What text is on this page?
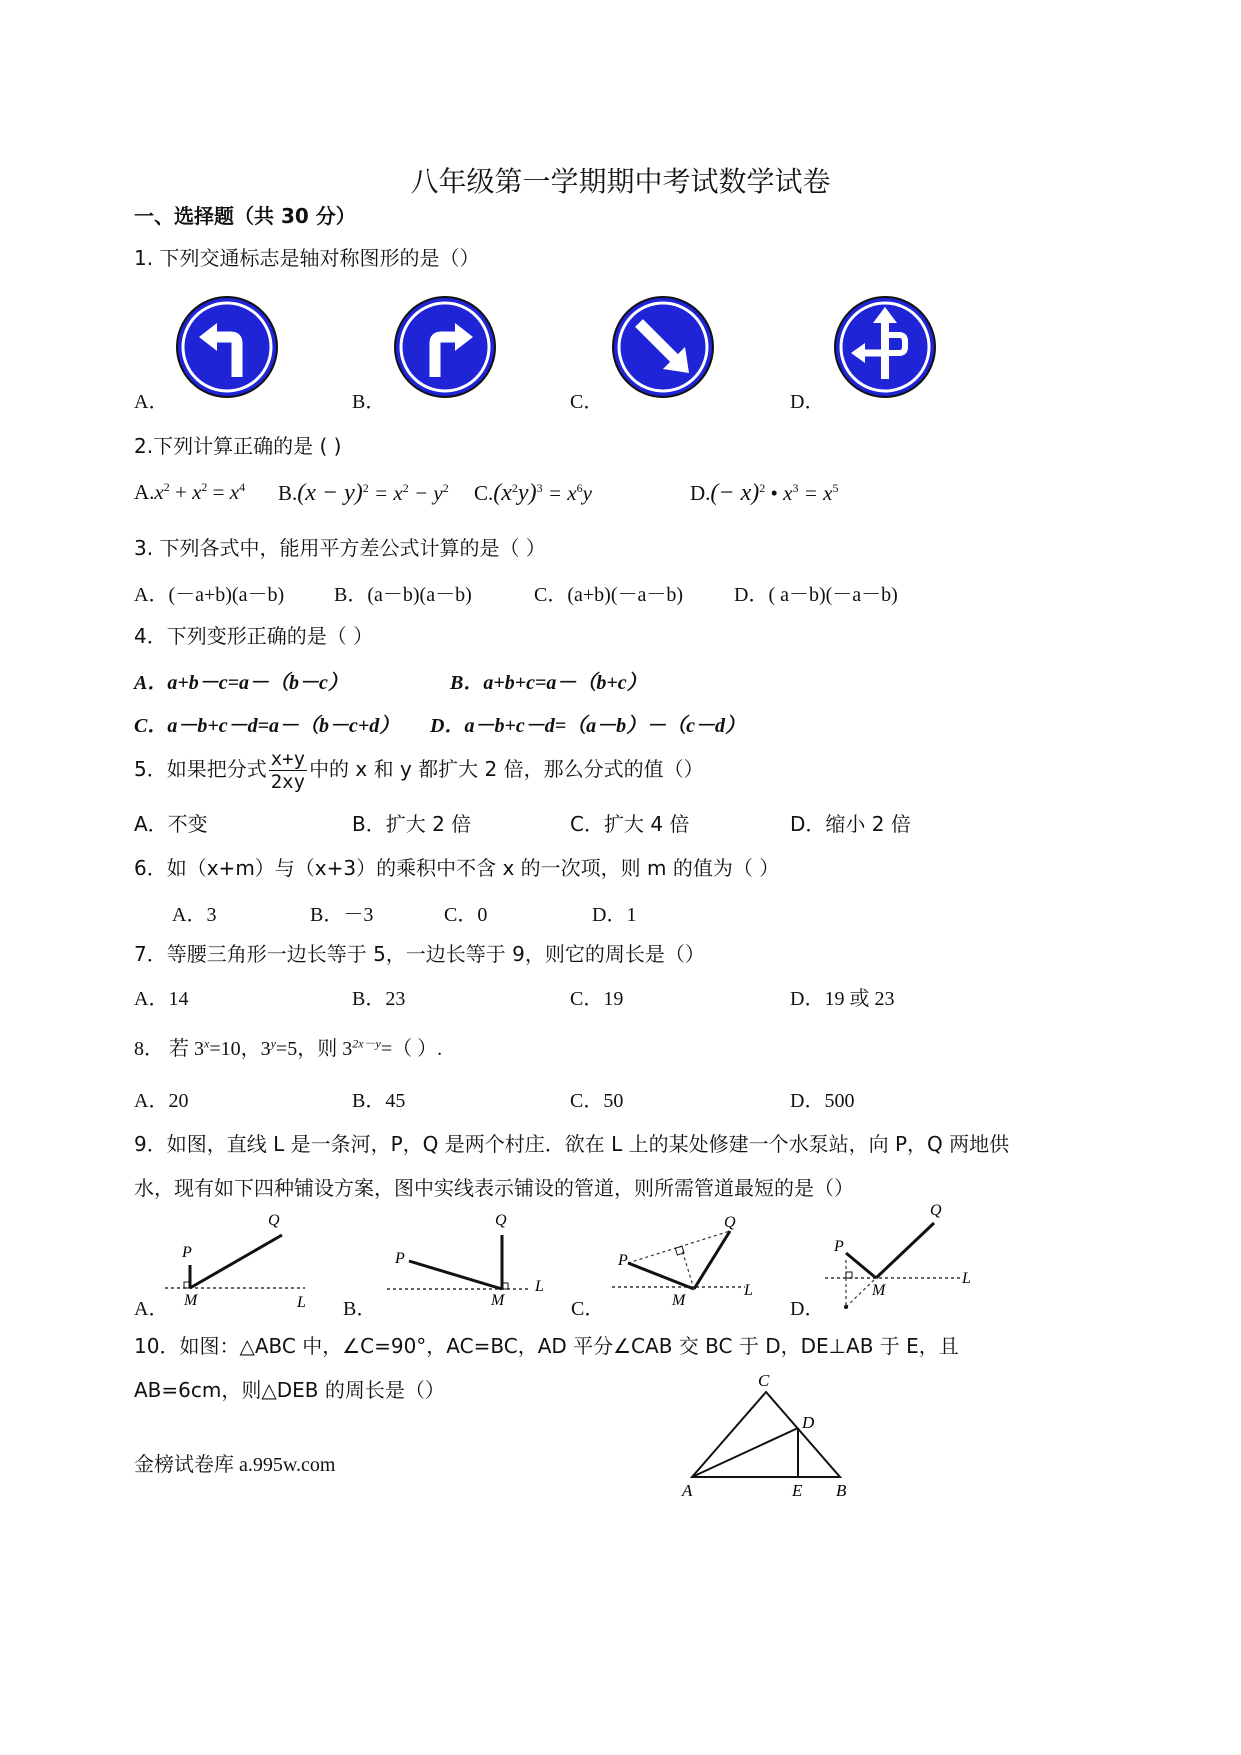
八年级第一学期期中考试数学试卷
一、选择题（共 30 分）
1. 下列交通标志是轴对称图形的是（）
A．	B．	C．	D．
2.下列计算正确的是 ( )
$A.x^2 + x^2 = x^4$ $B.(x - y)^2 = x^2 - y^2$ $C.(x^2y)^3 = x^6y$	$D.(- x)^2$ • $x^3 = x^5$
3. 下列各式中，能用平方差公式计算的是（ ）
A．(－a+b)(a－b) B．(a－b)(a－b)	C．(a+b)(－a－b)	D．( a－b)(－a－b)
4．下列变形正确的是（ ）
A．a+b－c=a－（b－c）	B．a+b+c=a－（b+c）
C．a－b+c－d=a－（b－c+d） D．a－b+c－d=（a－b）－（c－d）
5．如果把分式 $\frac{x+y}{2xy}$ 中的 x 和 y 都扩大 2 倍，那么分式的值（）
A．不变	B．扩大 2 倍	C．扩大 4 倍	D．缩小 2 倍
6．如（x+m）与（x+3）的乘积中不含 x 的一次项，则 m 的值为（ ）
A．3	B．－3	C．0	D．1
7．等腰三角形一边长等于 5，一边长等于 9，则它的周长是（）
A．14	B．23	C．19	D．19 或 23
8． 若 $3^x=10$，$3^y=5$，则 $3^{2x-y}=$（ ）.
A．20	B．45	C．50	D．500
9．如图，直线 L 是一条河，P，Q 是两个村庄．欲在 L 上的某处修建一个水泵站，向 P，Q 两地供
水，现有如下四种铺设方案，图中实线表示铺设的管道，则所需管道最短的是（）
A．	B．	C．	D．
P
Q
M	L
P
Q
M
L
P
Q
M
L
P
Q
M
L
10．如图：△ABC 中，∠C=90°，AC=BC，AD 平分∠CAB 交 BC 于 D，DE⊥AB 于 E，且
AB=6cm，则△DEB 的周长是（）	C
D
A	E B
金榜试卷库 a.995w.com
